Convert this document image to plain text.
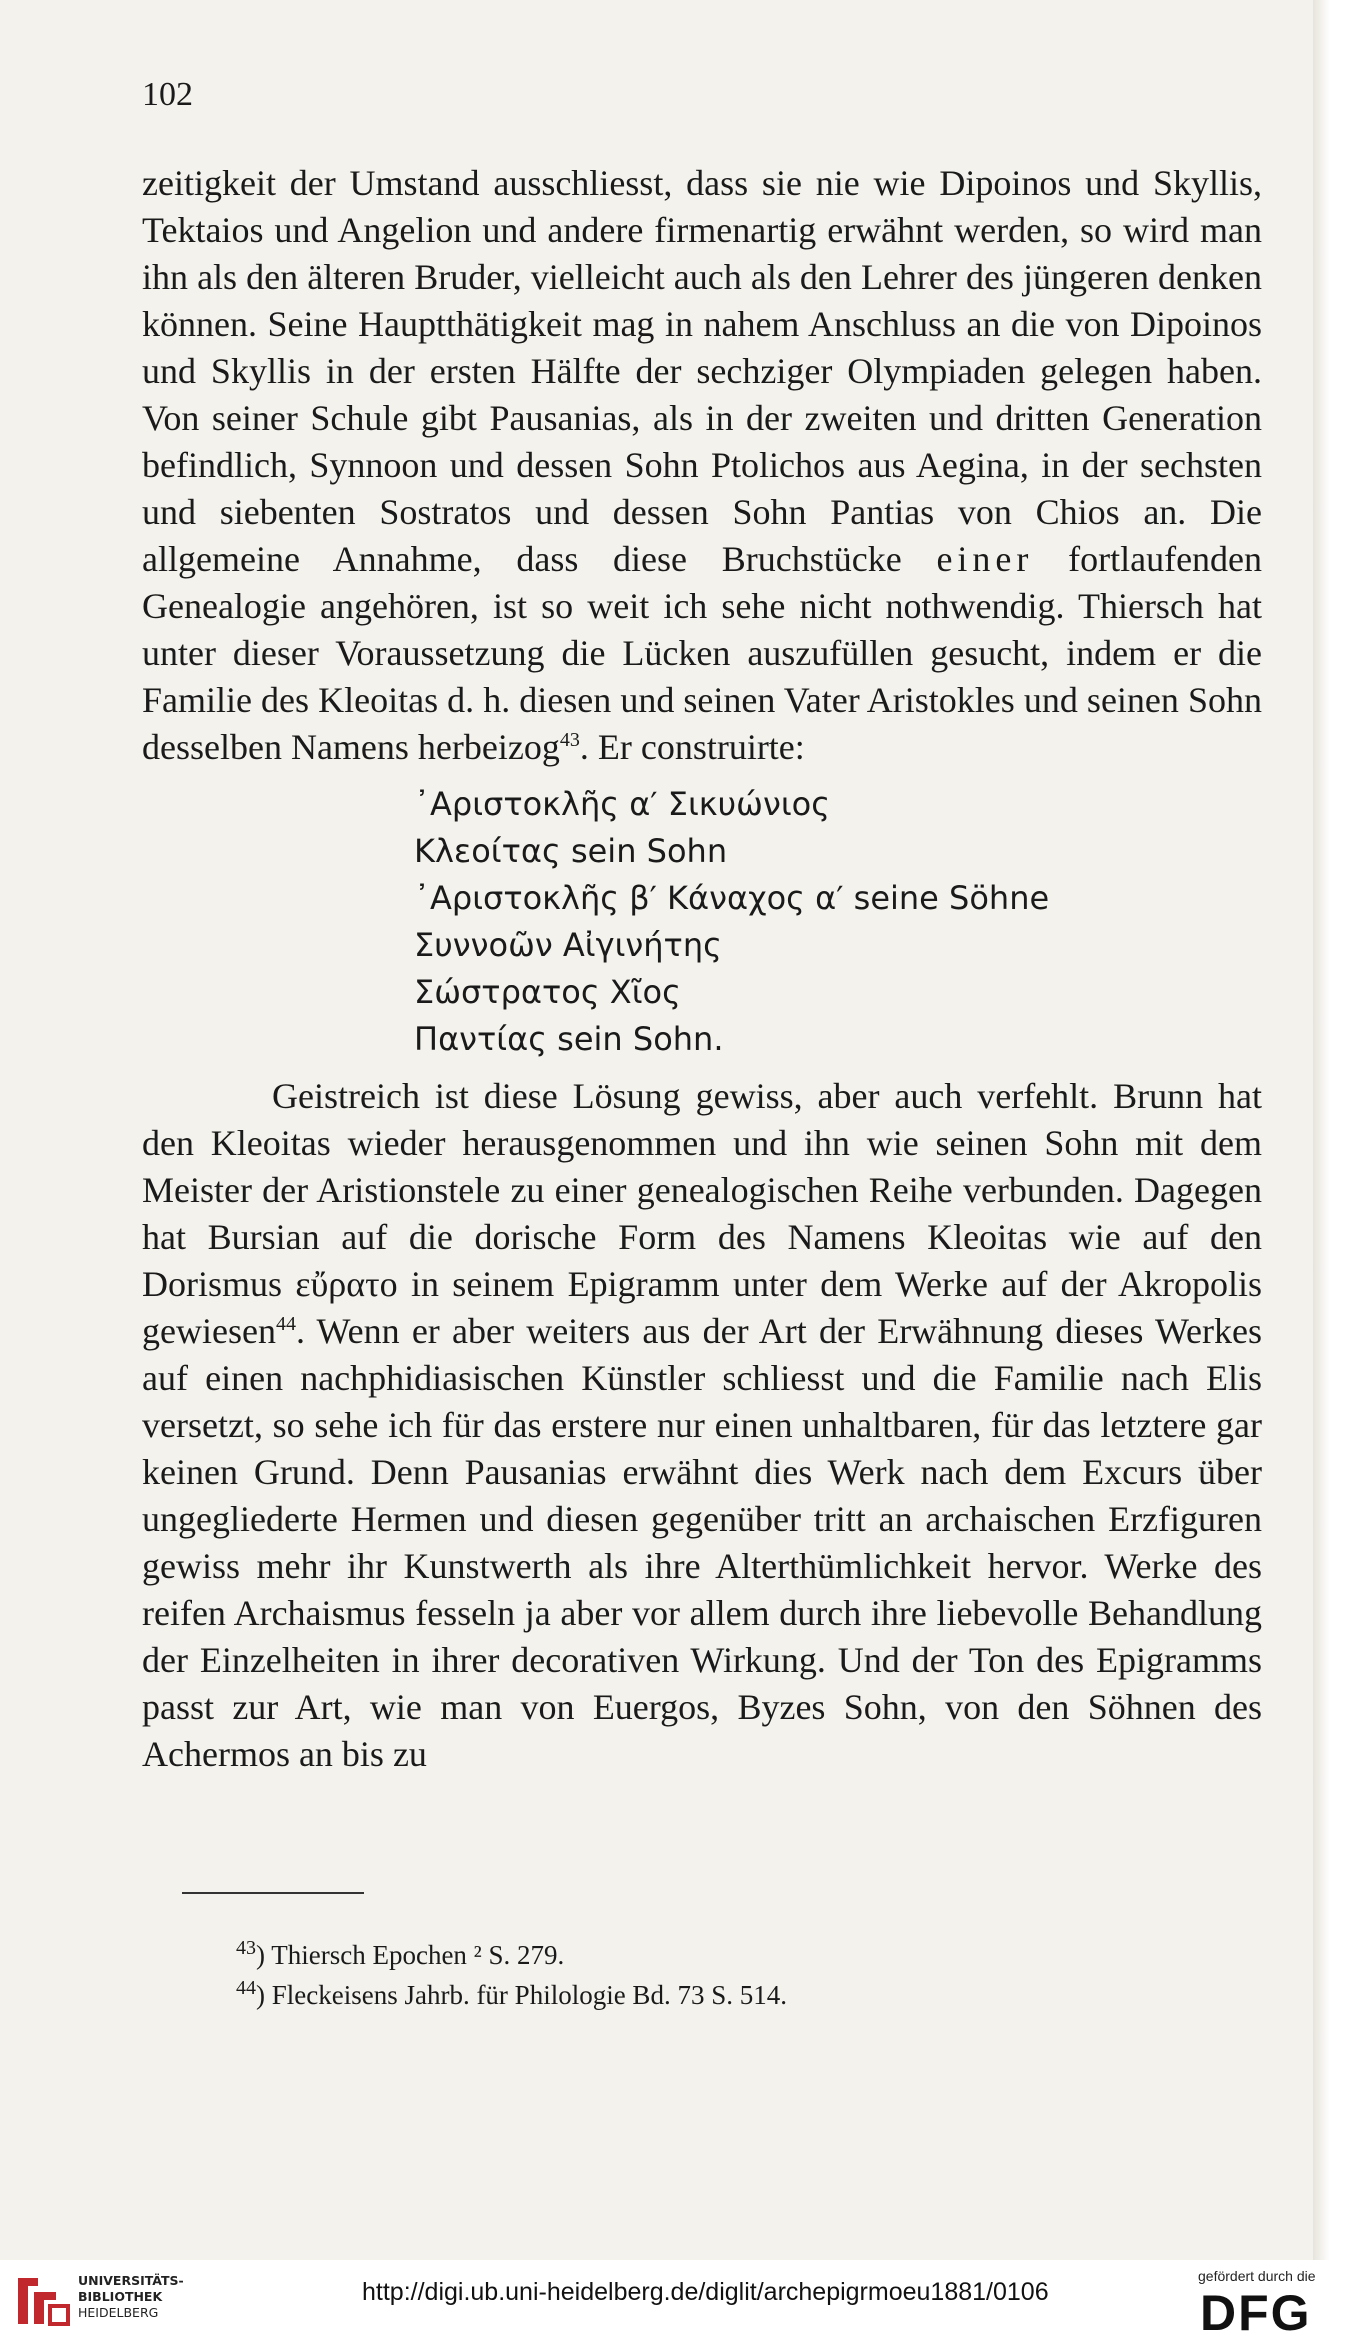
102

zeitigkeit der Umstand ausschliesst, dass sie nie wie Dipoinos und Skyllis, Tektaios und Angelion und andere firmenartig erwähnt werden, so wird man ihn als den älteren Bruder, vielleicht auch als den Lehrer des jüngeren denken können. Seine Hauptthätigkeit mag in nahem Anschluss an die von Dipoinos und Skyllis in der ersten Hälfte der sechziger Olympiaden gelegen haben. Von seiner Schule gibt Pausanias, als in der zweiten und dritten Generation befindlich, Synnoon und dessen Sohn Ptolichos aus Aegina, in der sechsten und siebenten Sostratos und dessen Sohn Pantias von Chios an. Die allgemeine Annahme, dass diese Bruchstücke einer fortlaufenden Genealogie angehören, ist so weit ich sehe nicht nothwendig. Thiersch hat unter dieser Voraussetzung die Lücken auszufüllen gesucht, indem er die Familie des Kleoitas d. h. diesen und seinen Vater Aristokles und seinen Sohn desselben Namens herbeizog$^{43}$. Er construirte:

᾿Αριστοκλῆς α′ Σικυώνιος
Κλεοίτας sein Sohn
᾿Αριστοκλῆς β′ Κάναχος α′ seine Söhne
Συννοῶν Αἰγινήτης
Σώστρατος Χῖος
Παντίας sein Sohn.

Geistreich ist diese Lösung gewiss, aber auch verfehlt. Brunn hat den Kleoitas wieder herausgenommen und ihn wie seinen Sohn mit dem Meister der Aristionstele zu einer genealogischen Reihe verbunden. Dagegen hat Bursian auf die dorische Form des Namens Kleoitas wie auf den Dorismus εὔρατο in seinem Epigramm unter dem Werke auf der Akropolis gewiesen$^{44}$. Wenn er aber weiters aus der Art der Erwähnung dieses Werkes auf einen nachphidiasischen Künstler schliesst und die Familie nach Elis versetzt, so sehe ich für das erstere nur einen unhaltbaren, für das letztere gar keinen Grund. Denn Pausanias erwähnt dies Werk nach dem Excurs über ungegliederte Hermen und diesen gegenüber tritt an archaischen Erzfiguren gewiss mehr ihr Kunstwerth als ihre Alterthümlichkeit hervor. Werke des reifen Archaismus fesseln ja aber vor allem durch ihre liebevolle Behandlung der Einzelheiten in ihrer decorativen Wirkung. Und der Ton des Epigramms passt zur Art, wie man von Euergos, Byzes Sohn, von den Söhnen des Achermos an bis zu

$^{43}$) Thiersch Epochen ² S. 279.
$^{44}$) Fleckeisens Jahrb. für Philologie Bd. 73 S. 514.
UNIVERSITÄTS-
BIBLIOTHEK
HEIDELBERG
http://digi.ub.uni-heidelberg.de/diglit/archepigrmoeu1881/0106
gefördert durch die
DFG
